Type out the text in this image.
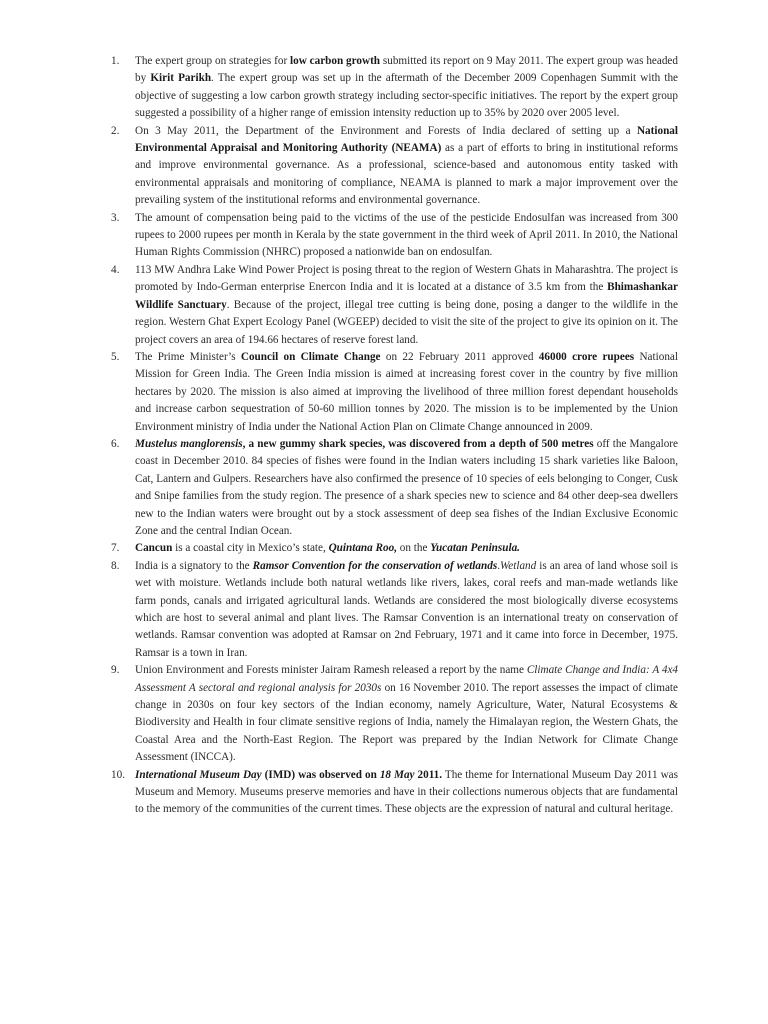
1. The expert group on strategies for low carbon growth submitted its report on 9 May 2011. The expert group was headed by Kirit Parikh. The expert group was set up in the aftermath of the December 2009 Copenhagen Summit with the objective of suggesting a low carbon growth strategy including sector-specific initiatives. The report by the expert group suggested a possibility of a higher range of emission intensity reduction up to 35% by 2020 over 2005 level.
2. On 3 May 2011, the Department of the Environment and Forests of India declared of setting up a National Environmental Appraisal and Monitoring Authority (NEAMA) as a part of efforts to bring in institutional reforms and improve environmental governance. As a professional, science-based and autonomous entity tasked with environmental appraisals and monitoring of compliance, NEAMA is planned to mark a major improvement over the prevailing system of the institutional reforms and environmental governance.
3. The amount of compensation being paid to the victims of the use of the pesticide Endosulfan was increased from 300 rupees to 2000 rupees per month in Kerala by the state government in the third week of April 2011. In 2010, the National Human Rights Commission (NHRC) proposed a nationwide ban on endosulfan.
4. 113 MW Andhra Lake Wind Power Project is posing threat to the region of Western Ghats in Maharashtra. The project is promoted by Indo-German enterprise Enercon India and it is located at a distance of 3.5 km from the Bhimashankar Wildlife Sanctuary. Because of the project, illegal tree cutting is being done, posing a danger to the wildlife in the region. Western Ghat Expert Ecology Panel (WGEEP) decided to visit the site of the project to give its opinion on it. The project covers an area of 194.66 hectares of reserve forest land.
5. The Prime Minister’s Council on Climate Change on 22 February 2011 approved 46000 crore rupees National Mission for Green India. The Green India mission is aimed at increasing forest cover in the country by five million hectares by 2020. The mission is also aimed at improving the livelihood of three million forest dependant households and increase carbon sequestration of 50-60 million tonnes by 2020. The mission is to be implemented by the Union Environment ministry of India under the National Action Plan on Climate Change announced in 2009.
6. Mustelus manglorensis, a new gummy shark species, was discovered from a depth of 500 metres off the Mangalore coast in December 2010. 84 species of fishes were found in the Indian waters including 15 shark varieties like Baloon, Cat, Lantern and Gulpers. Researchers have also confirmed the presence of 10 species of eels belonging to Conger, Cusk and Snipe families from the study region. The presence of a shark species new to science and 84 other deep-sea dwellers new to the Indian waters were brought out by a stock assessment of deep sea fishes of the Indian Exclusive Economic Zone and the central Indian Ocean.
7. Cancun is a coastal city in Mexico’s state, Quintana Roo, on the Yucatan Peninsula.
8. India is a signatory to the Ramsor Convention for the conservation of wetlands.Wetland is an area of land whose soil is wet with moisture. Wetlands include both natural wetlands like rivers, lakes, coral reefs and man-made wetlands like farm ponds, canals and irrigated agricultural lands. Wetlands are considered the most biologically diverse ecosystems which are host to several animal and plant lives. The Ramsar Convention is an international treaty on conservation of wetlands. Ramsar convention was adopted at Ramsar on 2nd February, 1971 and it came into force in December, 1975. Ramsar is a town in Iran.
9. Union Environment and Forests minister Jairam Ramesh released a report by the name Climate Change and India: A 4x4 Assessment A sectoral and regional analysis for 2030s on 16 November 2010. The report assesses the impact of climate change in 2030s on four key sectors of the Indian economy, namely Agriculture, Water, Natural Ecosystems & Biodiversity and Health in four climate sensitive regions of India, namely the Himalayan region, the Western Ghats, the Coastal Area and the North-East Region. The Report was prepared by the Indian Network for Climate Change Assessment (INCCA).
10. International Museum Day (IMD) was observed on 18 May 2011. The theme for International Museum Day 2011 was Museum and Memory. Museums preserve memories and have in their collections numerous objects that are fundamental to the memory of the communities of the current times. These objects are the expression of natural and cultural heritage.
